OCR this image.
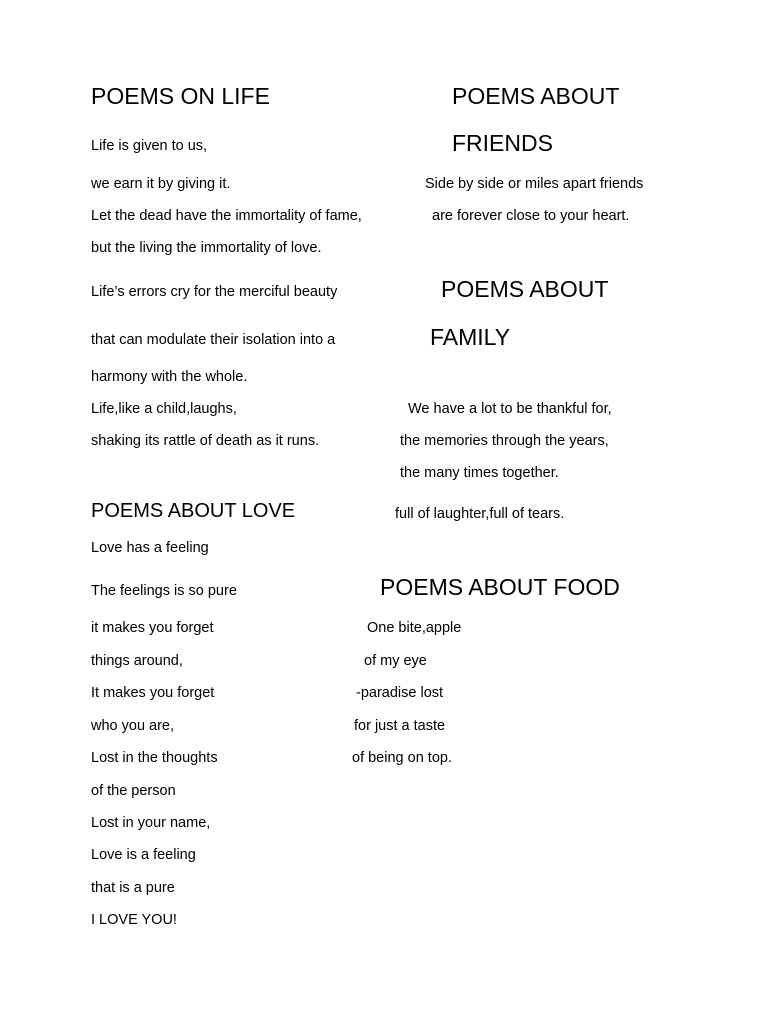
POEMS ON LIFE
Life is given to us,
we earn it by giving it.
Let the dead have the immortality of fame,
but the living the immortality of love.
Life’s errors cry for the merciful beauty
that can modulate their isolation into a
harmony with the whole.
Life,like a child,laughs,
shaking its rattle of death as it runs.
POEMS ABOUT
FRIENDS
Side by side or miles apart friends
are forever close to your heart.
POEMS ABOUT
FAMILY
We have a lot to be thankful for,
the memories through the years,
the many times together.
full of laughter,full of tears.
POEMS ABOUT LOVE
Love has a feeling
The feelings is so pure
it makes you forget
things around,
It makes you forget
who you are,
Lost in the thoughts
of the person
Lost in your name,
Love is a feeling
that is a pure
I LOVE YOU!
POEMS ABOUT FOOD
One bite,apple
of my eye
-paradise lost
for just a taste
of being on top.
